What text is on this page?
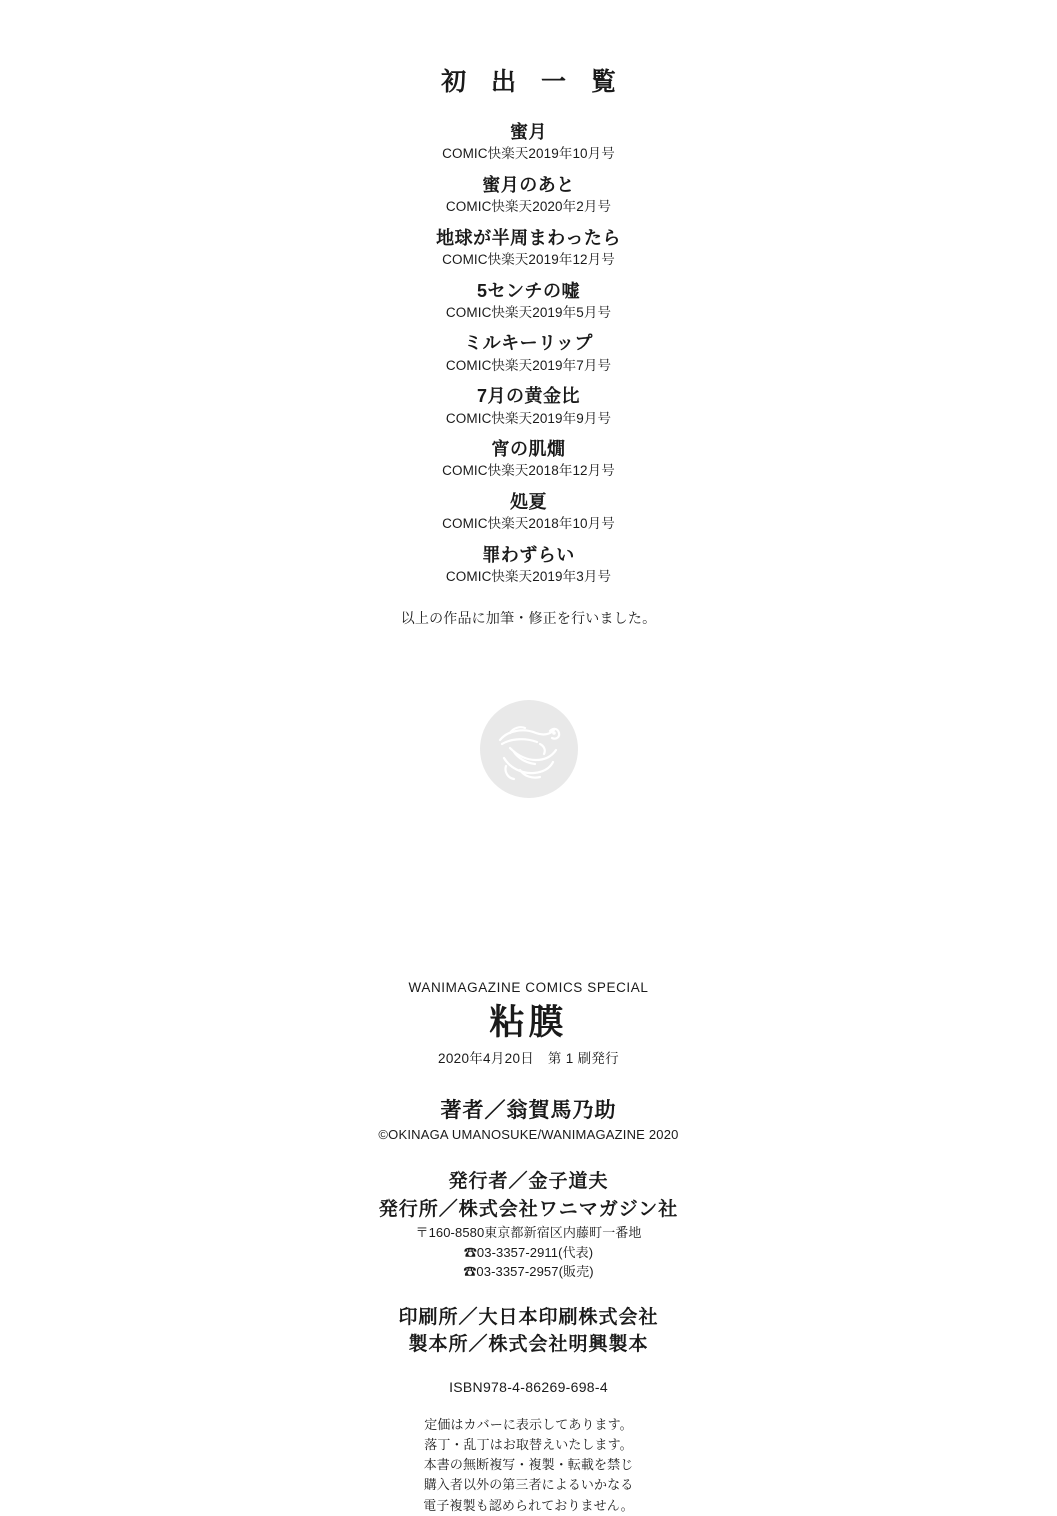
初 出 一 覧
蜜月
COMIC快楽天2019年10月号
蜜月のあと
COMIC快楽天2020年2月号
地球が半周まわったら
COMIC快楽天2019年12月号
5センチの嘘
COMIC快楽天2019年5月号
ミルキーリップ
COMIC快楽天2019年7月号
7月の黄金比
COMIC快楽天2019年9月号
宵の肌燗
COMIC快楽天2018年12月号
処夏
COMIC快楽天2018年10月号
罪わずらい
COMIC快楽天2019年3月号
以上の作品に加筆・修正を行いました。
WANIMAGAZINE COMICS SPECIAL
粘膜
2020年4月20日　第 1 刷発行
著者／翁賀馬乃助
©OKINAGA UMANOSUKE/WANIMAGAZINE 2020
発行者／金子道夫
発行所／株式会社ワニマガジン社
〒160-8580東京都新宿区内藤町一番地
☎03-3357-2911(代表)
☎03-3357-2957(販売)
印刷所／大日本印刷株式会社
製本所／株式会社明興製本
ISBN978-4-86269-698-4
定価はカバーに表示してあります。
落丁・乱丁はお取替えいたします。
本書の無断複写・複製・転載を禁じ
購入者以外の第三者によるいかなる
電子複製も認められておりません。
